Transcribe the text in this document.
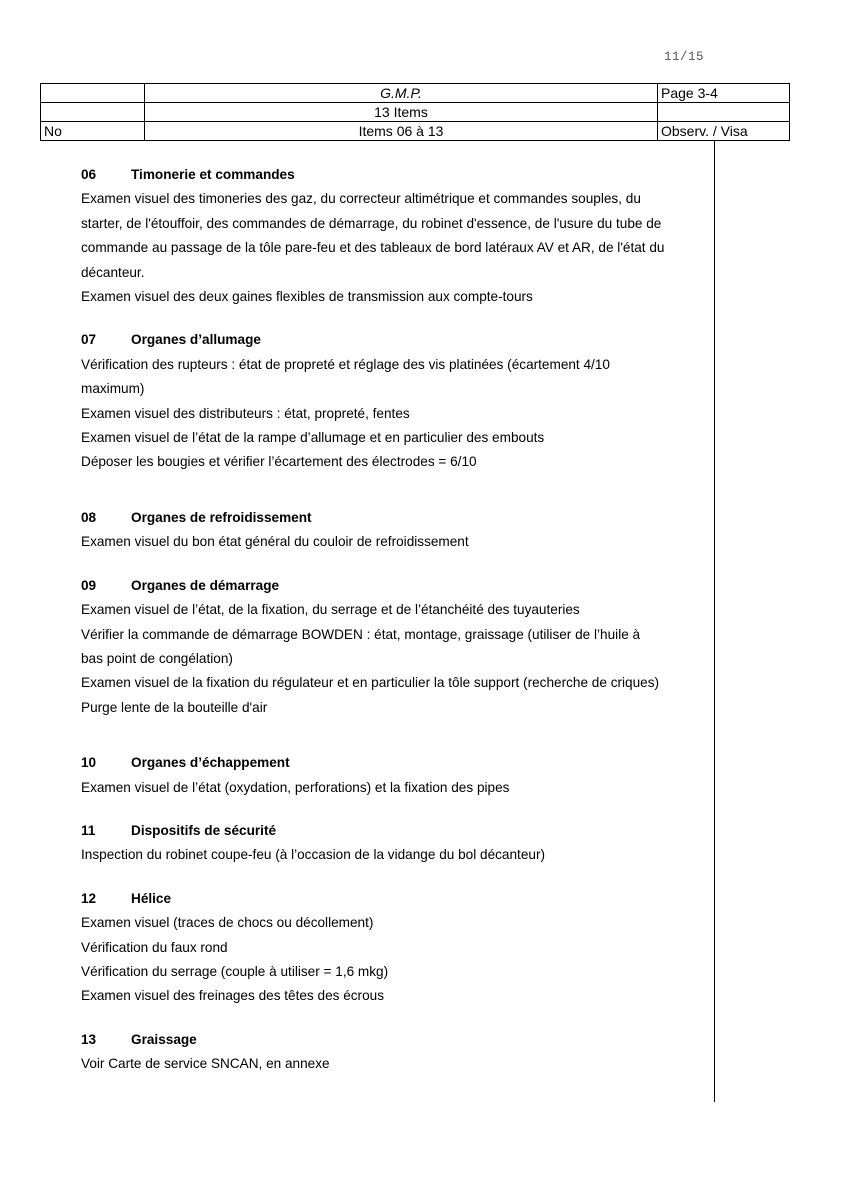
11/15
	G.M.P.	Page 3-4
	13 Items	
No	Items 06 à 13	Observ. / Visa
06	Timonerie et commandes
Examen visuel des timoneries des gaz, du correcteur altimétrique et commandes souples, du
starter, de l'étouffoir, des commandes de démarrage, du robinet d'essence, de l'usure du tube de
commande au passage de la tôle pare-feu et des tableaux de bord latéraux AV et AR, de l'état du
décanteur.
Examen visuel des deux gaines flexibles de transmission aux compte-tours
07	Organes d’allumage
Vérification des rupteurs : état de propreté et réglage des vis platinées (écartement 4/10
maximum)
Examen visuel des distributeurs : état, propreté, fentes
Examen visuel de l’état de la rampe d’allumage et en particulier des embouts
Déposer les bougies et vérifier l’écartement des électrodes = 6/10
08	Organes de refroidissement
Examen visuel du bon état général du couloir de refroidissement
09	Organes de démarrage
Examen visuel de l’état, de la fixation, du serrage et de l’étanchéité des tuyauteries
Vérifier la commande de démarrage BOWDEN : état, montage, graissage (utiliser de l’huile à
bas point de congélation)
Examen visuel de la fixation du régulateur et en particulier la tôle support (recherche de criques)
Purge lente de la bouteille d'air
10	Organes d’échappement
Examen visuel de l’état (oxydation, perforations) et la fixation des pipes
11	Dispositifs de sécurité
Inspection du robinet coupe-feu (à l’occasion de la vidange du bol décanteur)
12	Hélice
Examen visuel (traces de chocs ou décollement)
Vérification du faux rond
Vérification du serrage (couple à utiliser = 1,6 mkg)
Examen visuel des freinages des têtes des écrous
13	Graissage
Voir Carte de service SNCAN, en annexe
